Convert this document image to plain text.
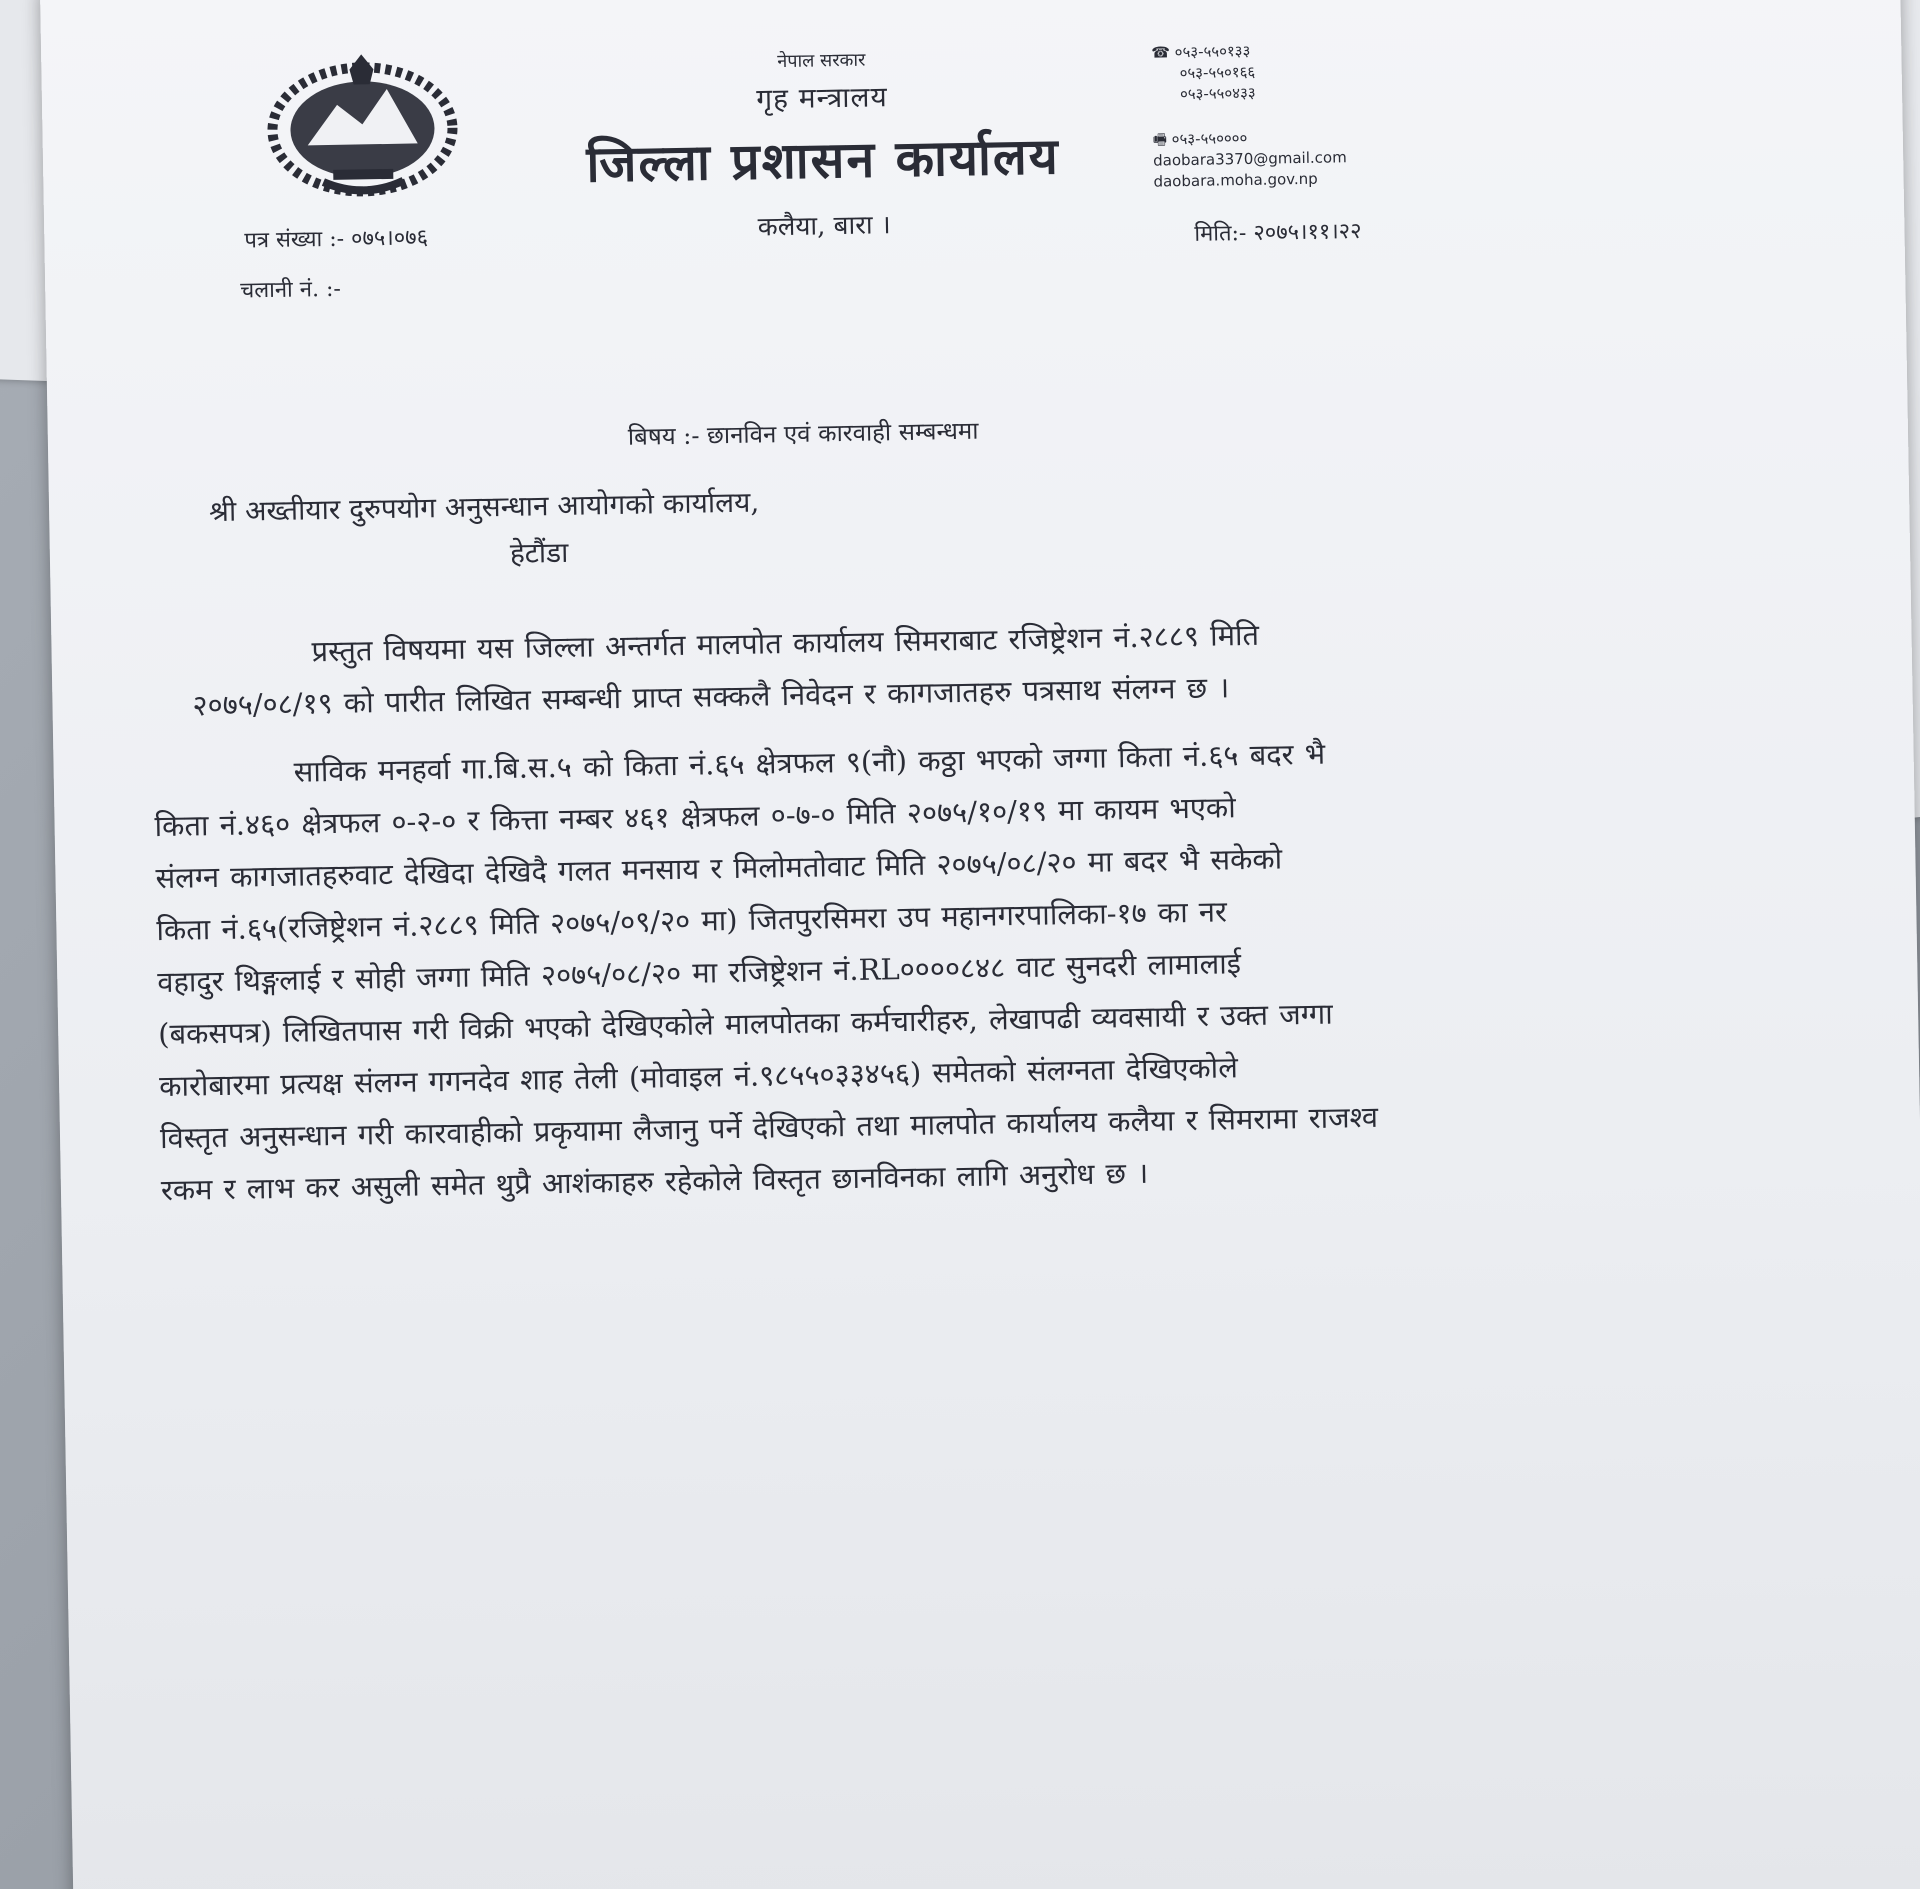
नेपाल सरकार
गृह मन्त्रालय
जिल्ला प्रशासन कार्यालय
कलैया, बारा ।
☎ ०५३-५५०१३३
०५३-५५०१६६
०५३-५५०४३३
🖷 ०५३-५५००००
daobara3370@gmail.com
daobara.moha.gov.np
पत्र संख्या :- ०७५।०७६
चलानी नं. :-
मिति:- २०७५।११।२२
बिषय :- छानविन एवं कारवाही सम्बन्धमा
श्री अख्तीयार दुरुपयोग अनुसन्धान आयोगको कार्यालय,
हेटौंडा
प्रस्तुत विषयमा यस जिल्ला अन्तर्गत मालपोत कार्यालय सिमराबाट रजिष्ट्रेशन नं.२८८९ मिति
२०७५/०८/१९ को पारीत लिखित सम्बन्धी प्राप्त सक्कलै निवेदन र कागजातहरु पत्रसाथ संलग्न छ ।
साविक मनहर्वा गा.बि.स.५ को किता नं.६५ क्षेत्रफल ९(नौ) कठ्ठा भएको जग्गा किता नं.६५ बदर भै
किता नं.४६० क्षेत्रफल ०-२-० र कित्ता नम्बर ४६१ क्षेत्रफल ०-७-० मिति २०७५/१०/१९ मा कायम भएको
संलग्न कागजातहरुवाट देखिदा देखिदै गलत मनसाय र मिलोमतोवाट मिति २०७५/०८/२० मा बदर भै सकेको
किता नं.६५(रजिष्ट्रेशन नं.२८८९ मिति २०७५/०९/२० मा) जितपुरसिमरा उप महानगरपालिका-१७ का नर
वहादुर थिङ्गलाई र सोही जग्गा मिति २०७५/०८/२० मा रजिष्ट्रेशन नं.RL००००८४८ वाट सुनदरी लामालाई
(बकसपत्र) लिखितपास गरी विक्री भएको देखिएकोले मालपोतका कर्मचारीहरु, लेखापढी व्यवसायी र उक्त जग्गा
कारोबारमा प्रत्यक्ष संलग्न गगनदेव शाह तेली (मोवाइल नं.९८५५०३३४५६) समेतको संलग्नता देखिएकोले
विस्तृत अनुसन्धान गरी कारवाहीको प्रकृयामा लैजानु पर्ने देखिएको तथा मालपोत कार्यालय कलैया र सिमरामा राजश्व
रकम र लाभ कर असुली समेत थुप्रै आशंकाहरु रहेकोले विस्तृत छानविनका लागि अनुरोध छ ।
